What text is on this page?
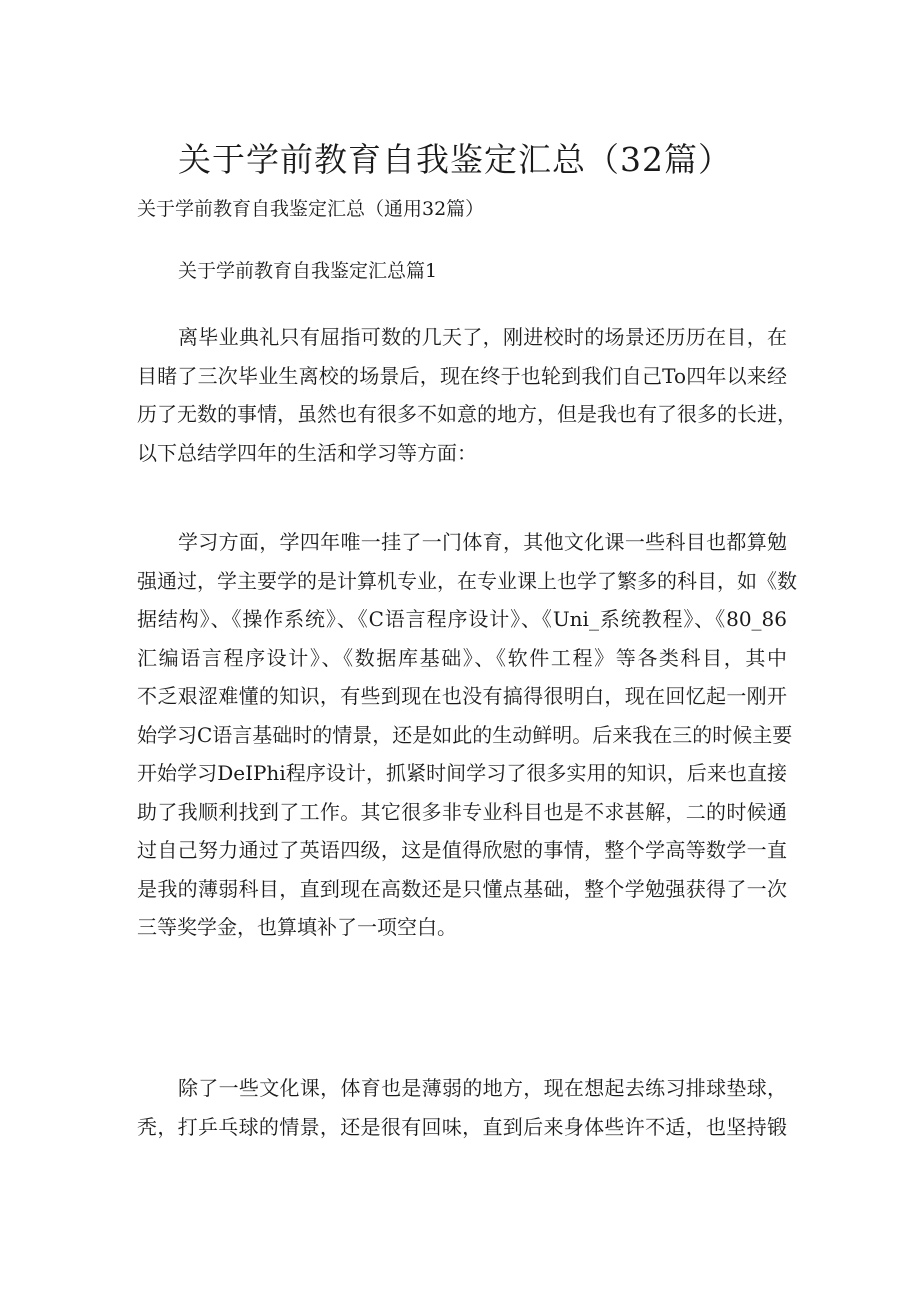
关于学前教育自我鉴定汇总（32篇）

关于学前教育自我鉴定汇总（通用32篇）

关于学前教育自我鉴定汇总篇1

离毕业典礼只有屈指可数的几天了，刚进校时的场景还历历在目，在
目睹了三次毕业生离校的场景后，现在终于也轮到我们自己To四年以来经
历了无数的事情，虽然也有很多不如意的地方，但是我也有了很多的长进，
以下总结学四年的生活和学习等方面：
学习方面，学四年唯一挂了一门体育，其他文化课一些科目也都算勉
强通过，学主要学的是计算机专业，在专业课上也学了繁多的科目，如《数
据结构》、《操作系统》、《C语言程序设计》、《Uni_系统教程》、《80_86
汇编语言程序设计》、《数据库基础》、《软件工程》等各类科目，其中
不乏艰涩难懂的知识，有些到现在也没有搞得很明白，现在回忆起一刚开
始学习C语言基础时的情景，还是如此的生动鲜明。后来我在三的时候主要
开始学习DeIPhi程序设计，抓紧时间学习了很多实用的知识，后来也直接
助了我顺利找到了工作。其它很多非专业科目也是不求甚解，二的时候通
过自己努力通过了英语四级，这是值得欣慰的事情，整个学高等数学一直
是我的薄弱科目，直到现在高数还是只懂点基础，整个学勉强获得了一次
三等奖学金，也算填补了一项空白。
除了一些文化课，体育也是薄弱的地方，现在想起去练习排球垫球，
秃，打乒乓球的情景，还是很有回味，直到后来身体些许不适，也坚持锻
